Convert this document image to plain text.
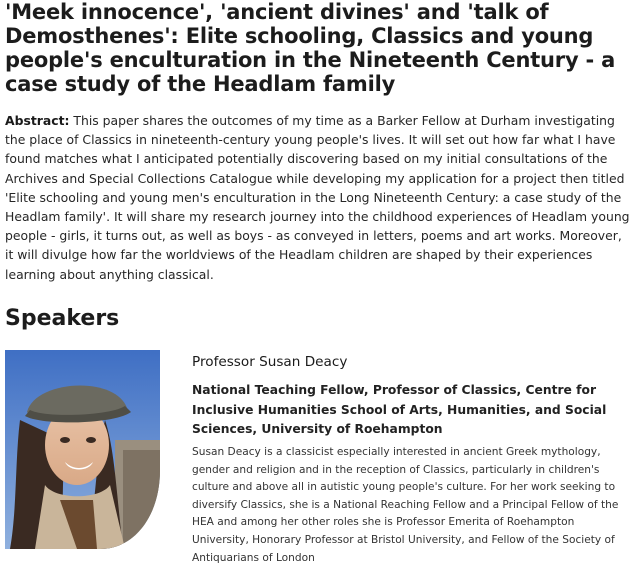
'Meek innocence', 'ancient divines' and 'talk of Demosthenes': Elite schooling, Classics and young people's enculturation in the Nineteenth Century - a case study of the Headlam family

Abstract: This paper shares the outcomes of my time as a Barker Fellow at Durham investigating the place of Classics in nineteenth-century young people's lives. It will set out how far what I have found matches what I anticipated potentially discovering based on my initial consultations of the Archives and Special Collections Catalogue while developing my application for a project then titled 'Elite schooling and young men's enculturation in the Long Nineteenth Century: a case study of the Headlam family'. It will share my research journey into the childhood experiences of Headlam young people - girls, it turns out, as well as boys - as conveyed in letters, poems and art works. Moreover, it will divulge how far the worldviews of the Headlam children are shaped by their experiences learning about anything classical.

Speakers
Professor Susan Deacy

National Teaching Fellow, Professor of Classics, Centre for Inclusive Humanities School of Arts, Humanities, and Social Sciences, University of Roehampton

Susan Deacy is a classicist especially interested in ancient Greek mythology, gender and religion and in the reception of Classics, particularly in children's culture and above all in autistic young people's culture. For her work seeking to diversify Classics, she is a National Reaching Fellow and a Principal Fellow of the HEA and among her other roles she is Professor Emerita of Roehampton University, Honorary Professor at Bristol University, and Fellow of the Society of Antiquarians of London
